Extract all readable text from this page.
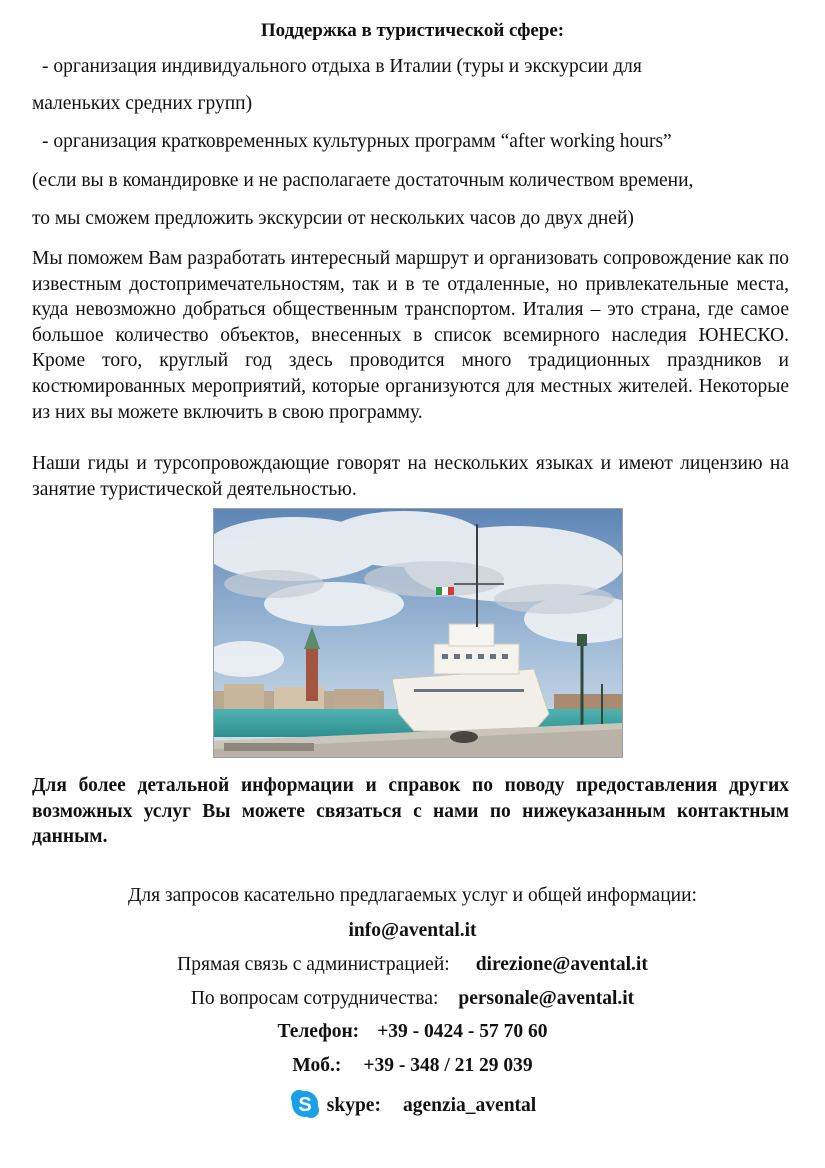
Поддержка в туристической сфере:
- организация индивидуального отдыха в Италии (туры и экскурсии для
маленьких средних групп)
- организация кратковременных культурных программ “after working hours”
(если вы в командировке и не располагаете достаточным количеством времени,
то мы сможем предложить экскурсии от нескольких часов до двух дней)
Мы поможем Вам разработать интересный маршрут и организовать сопровождение как по известным достопримечательностям, так и в те отдаленные, но привлекательные места, куда невозможно добраться общественным транспортом. Италия – это страна, где самое большое количество объектов, внесенных в список всемирного наследия ЮНЕСКО. Кроме того, круглый год здесь проводится много традиционных праздников и костюмированных мероприятий, которые организуются для местных жителей. Некоторые из них вы можете включить в свою программу.
Наши гиды и турсопровождающие говорят на нескольких языках и имеют лицензию на занятие туристической деятельностью.
Для более детальной информации и справок по поводу предоставления других возможных услуг Вы можете связаться с нами по нижеуказанным контактным данным.
Для запросов касательно предлагаемых услуг и общей информации:
info@avental.it
Прямая связь с администрацией: direzione@avental.it
По вопросам сотрудничества: personale@avental.it
Телефон: +39 - 0424 - 57 70 60
Моб.: +39 - 348 / 21 29 039
S skype: agenzia_avental
